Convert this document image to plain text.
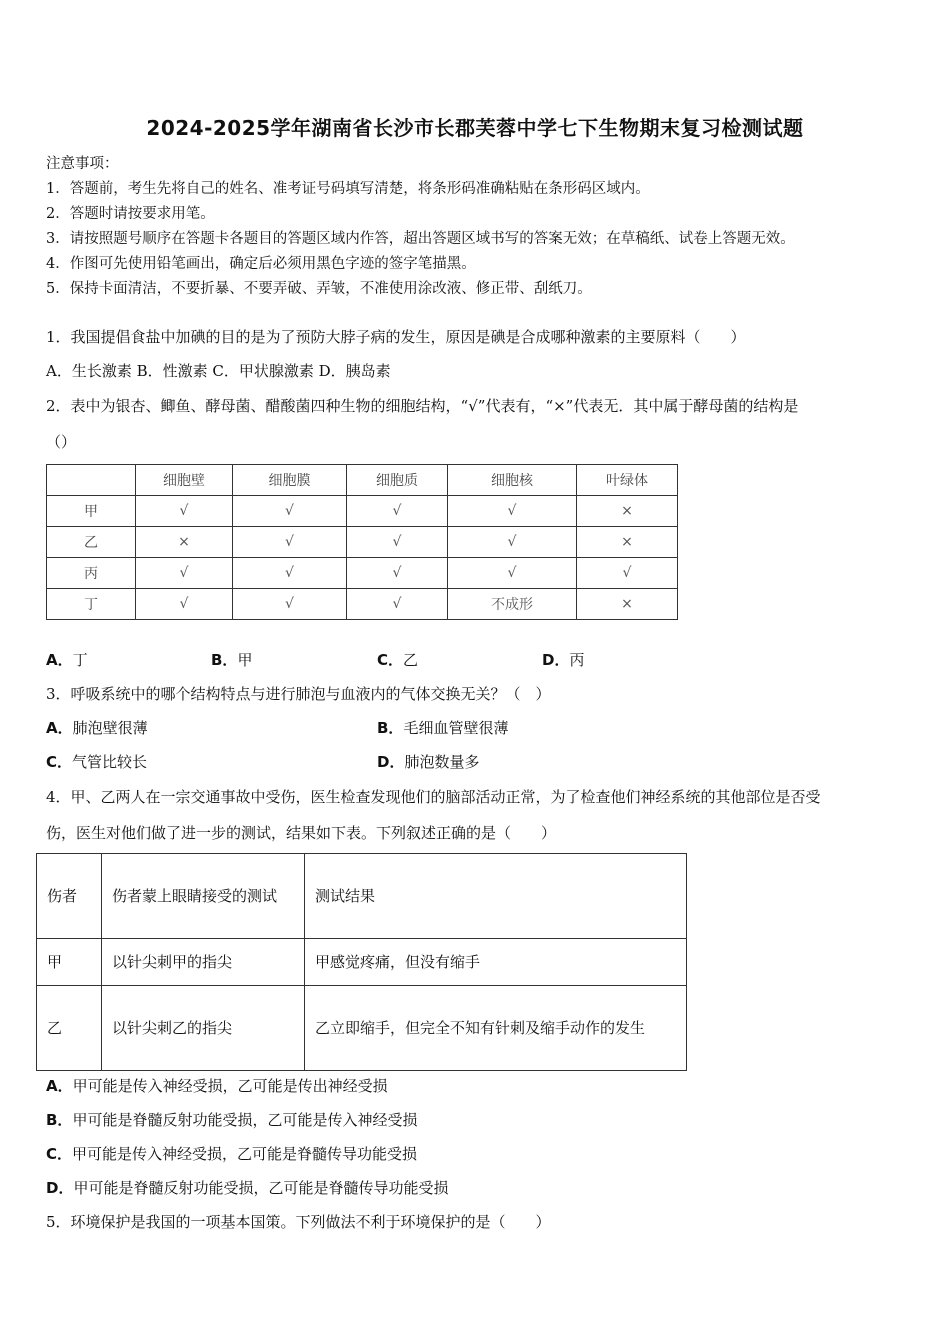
2024-2025学年湖南省长沙市长郡芙蓉中学七下生物期末复习检测试题
注意事项：
1．答题前，考生先将自己的姓名、准考证号码填写清楚，将条形码准确粘贴在条形码区域内。
2．答题时请按要求用笔。
3．请按照题号顺序在答题卡各题目的答题区域内作答，超出答题区域书写的答案无效；在草稿纸、试卷上答题无效。
4．作图可先使用铅笔画出，确定后必须用黑色字迹的签字笔描黑。
5．保持卡面清洁，不要折暴、不要弄破、弄皱，不准使用涂改液、修正带、刮纸刀。
1．我国提倡食盐中加碘的目的是为了预防大脖子病的发生，原因是碘是合成哪种激素的主要原料（　　）
A．生长激素 B．性激素 C．甲状腺激素 D．胰岛素
2．表中为银杏、鲫鱼、酵母菌、醋酸菌四种生物的细胞结构，“√”代表有，“×”代表无．其中属于酵母菌的结构是
（）
	细胞壁	细胞膜	细胞质	细胞核	叶绿体
甲	√	√	√	√	×
乙	×	√	√	√	×
丙	√	√	√	√	√
丁	√	√	√	不成形	×
A．丁	B．甲	C．乙	D．丙
3．呼吸系统中的哪个结构特点与进行肺泡与血液内的气体交换无关？（　）
A．肺泡壁很薄	B．毛细血管壁很薄
C．气管比较长	D．肺泡数量多
4．甲、乙两人在一宗交通事故中受伤，医生检查发现他们的脑部活动正常，为了检查他们神经系统的其他部位是否受
伤，医生对他们做了进一步的测试，结果如下表。下列叙述正确的是（　　）
伤者	伤者蒙上眼睛接受的测试	测试结果
甲	以针尖刺甲的指尖	甲感觉疼痛，但没有缩手
乙	以针尖刺乙的指尖	乙立即缩手，但完全不知有针刺及缩手动作的发生
A．甲可能是传入神经受损，乙可能是传出神经受损
B．甲可能是脊髓反射功能受损，乙可能是传入神经受损
C．甲可能是传入神经受损，乙可能是脊髓传导功能受损
D．甲可能是脊髓反射功能受损，乙可能是脊髓传导功能受损
5．环境保护是我国的一项基本国策。下列做法不利于环境保护的是（　　）
